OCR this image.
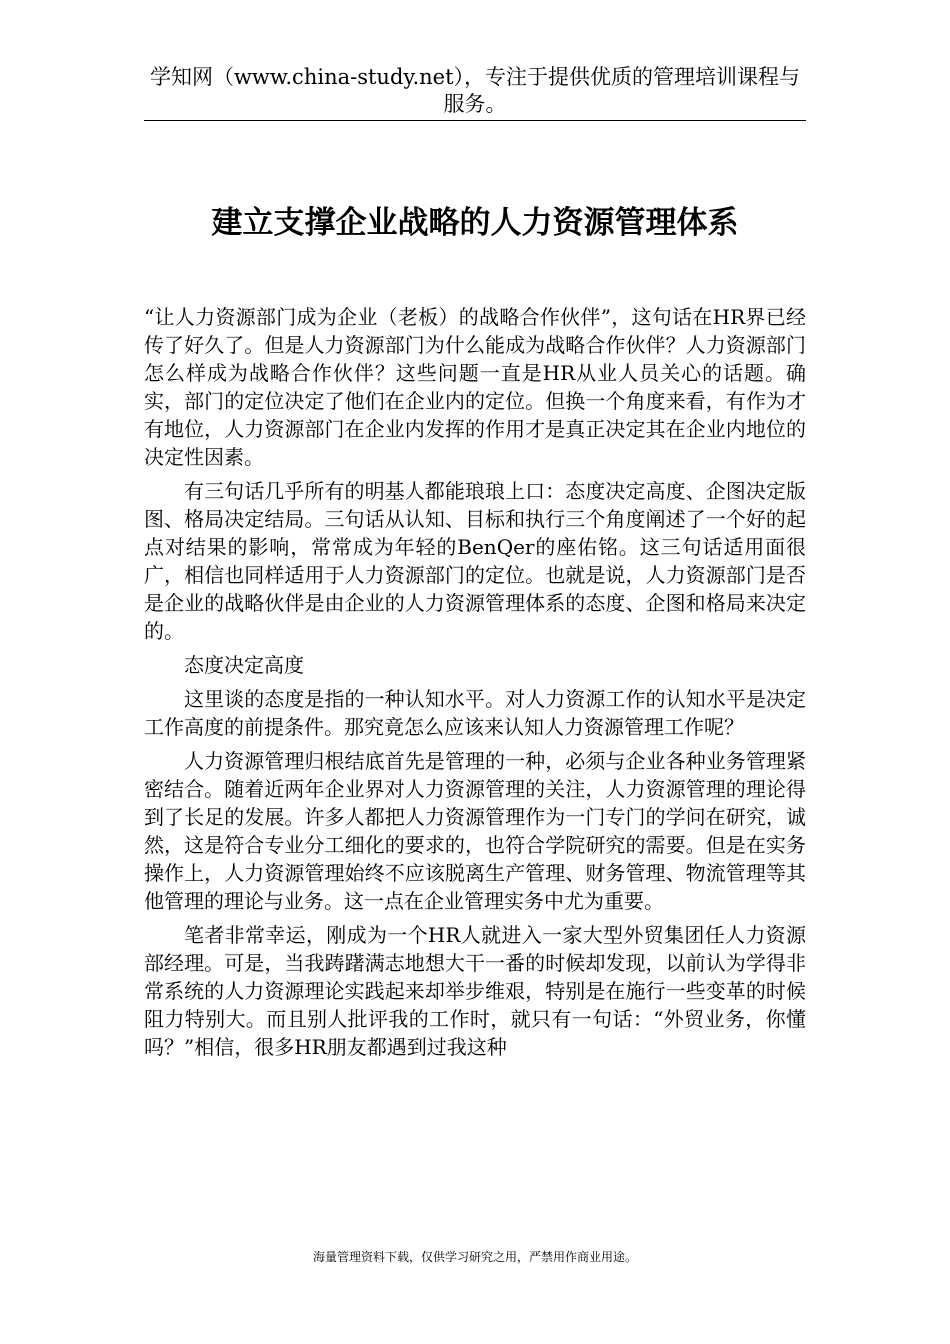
学知网（www.china-study.net），专注于提供优质的管理培训课程与服务。
建立支撑企业战略的人力资源管理体系

“让人力资源部门成为企业（老板）的战略合作伙伴”，这句话在HR界已经传了好久了。但是人力资源部门为什么能成为战略合作伙伴？人力资源部门怎么样成为战略合作伙伴？这些问题一直是HR从业人员关心的话题。确实，部门的定位决定了他们在企业内的定位。但换一个角度来看，有作为才有地位，人力资源部门在企业内发挥的作用才是真正决定其在企业内地位的决定性因素。

有三句话几乎所有的明基人都能琅琅上口：态度决定高度、企图决定版图、格局决定结局。三句话从认知、目标和执行三个角度阐述了一个好的起点对结果的影响，常常成为年轻的BenQer的座佑铭。这三句话适用面很广，相信也同样适用于人力资源部门的定位。也就是说，人力资源部门是否是企业的战略伙伴是由企业的人力资源管理体系的态度、企图和格局来决定的。

态度决定高度

这里谈的态度是指的一种认知水平。对人力资源工作的认知水平是决定工作高度的前提条件。那究竟怎么应该来认知人力资源管理工作呢？

人力资源管理归根结底首先是管理的一种，必须与企业各种业务管理紧密结合。随着近两年企业界对人力资源管理的关注，人力资源管理的理论得到了长足的发展。许多人都把人力资源管理作为一门专门的学问在研究，诚然，这是符合专业分工细化的要求的，也符合学院研究的需要。但是在实务操作上，人力资源管理始终不应该脱离生产管理、财务管理、物流管理等其他管理的理论与业务。这一点在企业管理实务中尤为重要。

笔者非常幸运，刚成为一个HR人就进入一家大型外贸集团任人力资源部经理。可是，当我踌躇满志地想大干一番的时候却发现，以前认为学得非常系统的人力资源理论实践起来却举步维艰，特别是在施行一些变革的时候阻力特别大。而且别人批评我的工作时，就只有一句话：“外贸业务，你懂吗？”相信，很多HR朋友都遇到过我这种

海量管理资料下载，仅供学习研究之用，严禁用作商业用途。
